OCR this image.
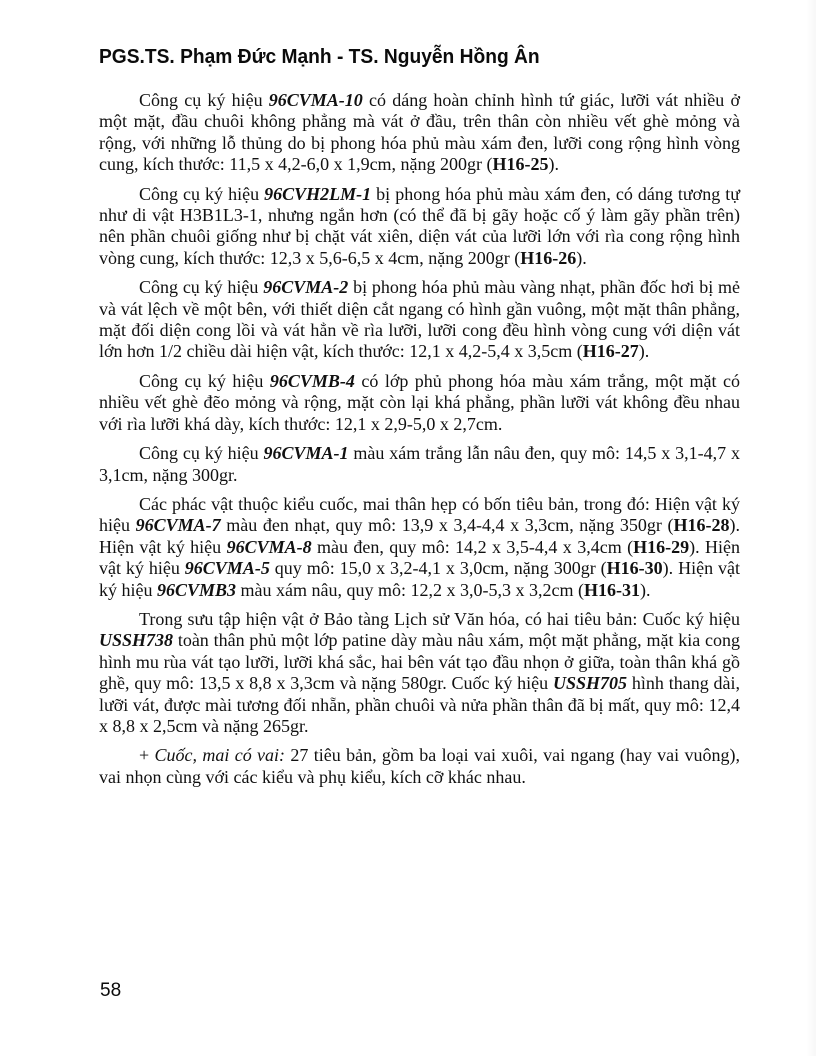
PGS.TS. Phạm Đức Mạnh - TS. Nguyễn Hồng Ân

Công cụ ký hiệu 96CVMA-10 có dáng hoàn chỉnh hình tứ giác, lưỡi vát nhiều ở một mặt, đầu chuôi không phẳng mà vát ở đầu, trên thân còn nhiều vết ghè mỏng và rộng, với những lỗ thủng do bị phong hóa phủ màu xám đen, lưỡi cong rộng hình vòng cung, kích thước: 11,5 x 4,2-6,0 x 1,9cm, nặng 200gr (H16-25).

Công cụ ký hiệu 96CVH2LM-1 bị phong hóa phủ màu xám đen, có dáng tương tự như di vật H3B1L3-1, nhưng ngắn hơn (có thể đã bị gãy hoặc cố ý làm gãy phần trên) nên phần chuôi giống như bị chặt vát xiên, diện vát của lưỡi lớn với rìa cong rộng hình vòng cung, kích thước: 12,3 x 5,6-6,5 x 4cm, nặng 200gr (H16-26).

Công cụ ký hiệu 96CVMA-2 bị phong hóa phủ màu vàng nhạt, phần đốc hơi bị mẻ và vát lệch về một bên, với thiết diện cắt ngang có hình gần vuông, một mặt thân phẳng, mặt đối diện cong lồi và vát hẳn về rìa lưỡi, lưỡi cong đều hình vòng cung với diện vát lớn hơn 1/2 chiều dài hiện vật, kích thước: 12,1 x 4,2-5,4 x 3,5cm (H16-27).

Công cụ ký hiệu 96CVMB-4 có lớp phủ phong hóa màu xám trắng, một mặt có nhiều vết ghè đẽo mỏng và rộng, mặt còn lại khá phẳng, phần lưỡi vát không đều nhau với rìa lưỡi khá dày, kích thước: 12,1 x 2,9-5,0 x 2,7cm.

Công cụ ký hiệu 96CVMA-1 màu xám trắng lẫn nâu đen, quy mô: 14,5 x 3,1-4,7 x 3,1cm, nặng 300gr.

Các phác vật thuộc kiểu cuốc, mai thân hẹp có bốn tiêu bản, trong đó: Hiện vật ký hiệu 96CVMA-7 màu đen nhạt, quy mô: 13,9 x 3,4-4,4 x 3,3cm, nặng 350gr (H16-28). Hiện vật ký hiệu 96CVMA-8 màu đen, quy mô: 14,2 x 3,5-4,4 x 3,4cm (H16-29). Hiện vật ký hiệu 96CVMA-5 quy mô: 15,0 x 3,2-4,1 x 3,0cm, nặng 300gr (H16-30). Hiện vật ký hiệu 96CVMB3 màu xám nâu, quy mô: 12,2 x 3,0-5,3 x 3,2cm (H16-31).

Trong sưu tập hiện vật ở Bảo tàng Lịch sử Văn hóa, có hai tiêu bản: Cuốc ký hiệu USSH738 toàn thân phủ một lớp patine dày màu nâu xám, một mặt phẳng, mặt kia cong hình mu rùa vát tạo lưỡi, lưỡi khá sắc, hai bên vát tạo đầu nhọn ở giữa, toàn thân khá gồ ghề, quy mô: 13,5 x 8,8 x 3,3cm và nặng 580gr. Cuốc ký hiệu USSH705 hình thang dài, lưỡi vát, được mài tương đối nhẵn, phần chuôi và nửa phần thân đã bị mất, quy mô: 12,4 x 8,8 x 2,5cm và nặng 265gr.

+ Cuốc, mai có vai: 27 tiêu bản, gồm ba loại vai xuôi, vai ngang (hay vai vuông), vai nhọn cùng với các kiểu và phụ kiểu, kích cỡ khác nhau.

58
